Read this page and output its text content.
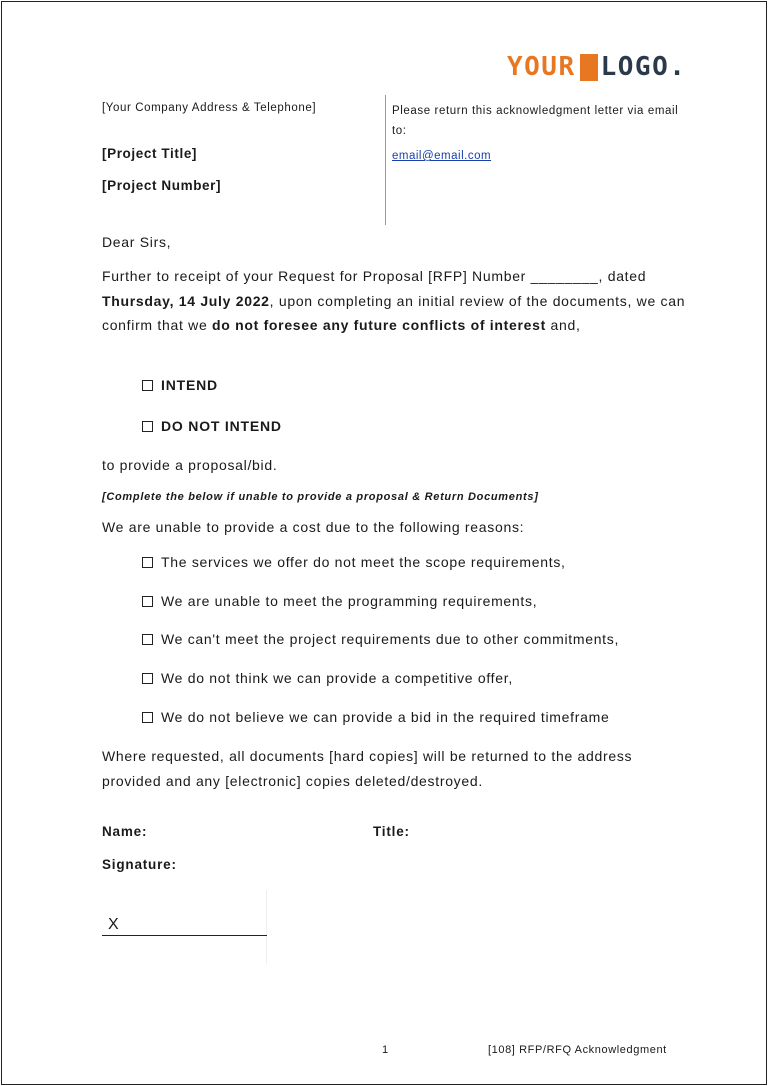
YOUR LOGO.
[Your Company Address & Telephone]
[Project Title]
[Project Number]
Please return this acknowledgment letter via email to:
email@email.com
Dear Sirs,
Further to receipt of your Request for Proposal [RFP] Number ________, dated Thursday, 14 July 2022, upon completing an initial review of the documents, we can confirm that we do not foresee any future conflicts of interest and,
INTEND
DO NOT INTEND
to provide a proposal/bid.
[Complete the below if unable to provide a proposal & Return Documents]
We are unable to provide a cost due to the following reasons:
The services we offer do not meet the scope requirements,
We are unable to meet the programming requirements,
We can't meet the project requirements due to other commitments,
We do not think we can provide a competitive offer,
We do not believe we can provide a bid in the required timeframe
Where requested, all documents [hard copies] will be returned to the address provided and any [electronic] copies deleted/destroyed.
Name:	Title:
Signature:
X
1	[108] RFP/RFQ Acknowledgment
